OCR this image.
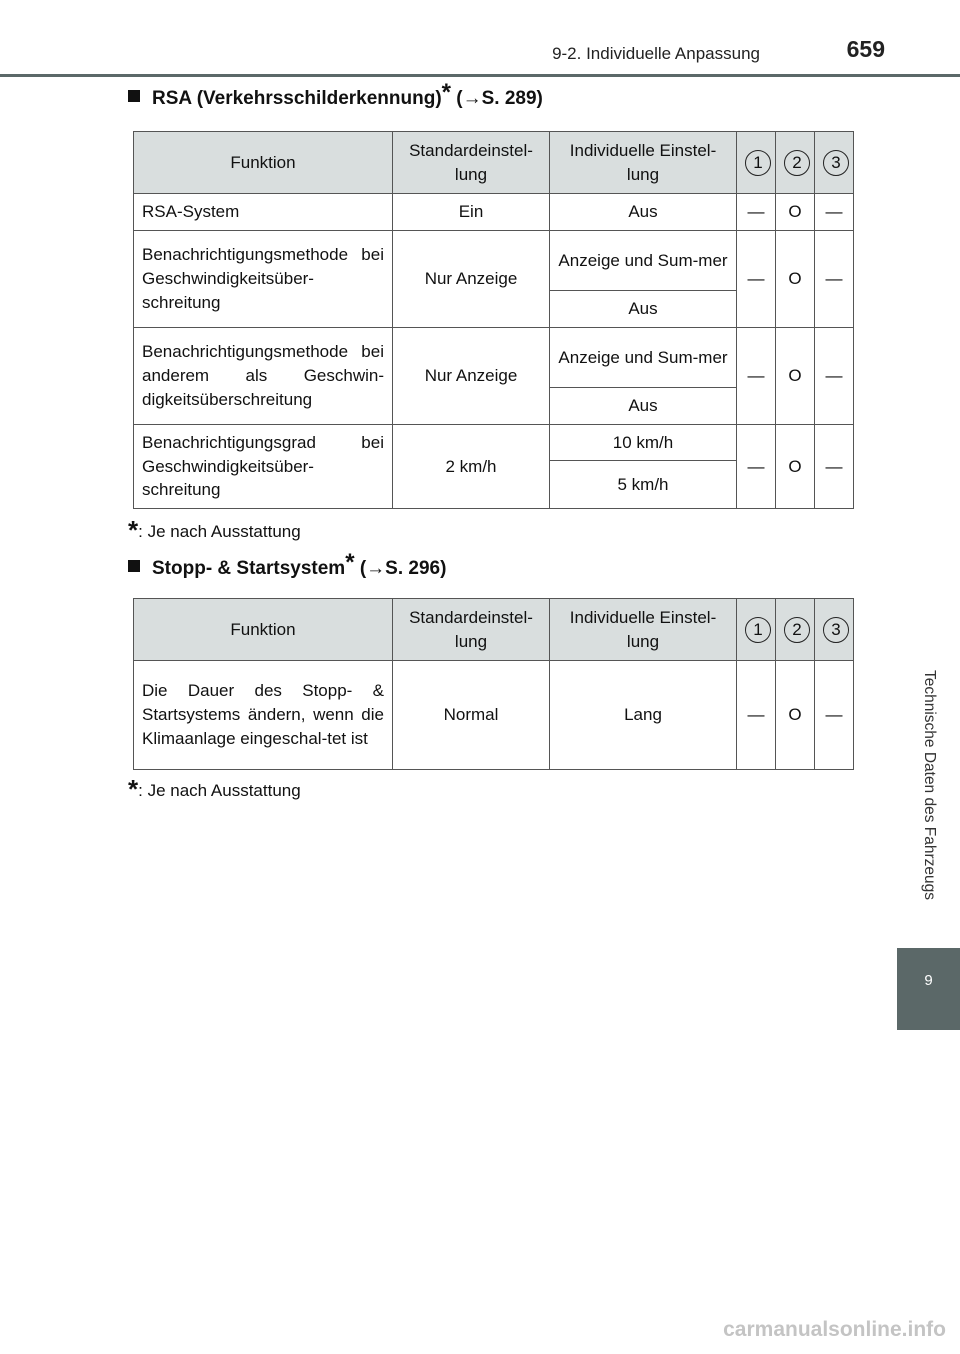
9-2. Individuelle Anpassung	659
Technische Daten des Fahrzeugs
9
RSA (Verkehrsschilderkennung)* (→S. 289)
Funktion	Standardeinstel-lung	Individuelle Einstel-lung	1	2	3
RSA-System	Ein	Aus	—	O	—
Benachrichtigungsmethode bei Geschwindigkeitsüber-schreitung	Nur Anzeige	Anzeige und Sum-mer	—	O	—
		Aus			
Benachrichtigungsmethode bei anderem als Geschwin-digkeitsüberschreitung	Nur Anzeige	Anzeige und Sum-mer	—	O	—
		Aus			
Benachrichtigungsgrad bei Geschwindigkeitsüber-schreitung	2 km/h	10 km/h	—	O	—
		5 km/h			
*: Je nach Ausstattung
Stopp- & Startsystem* (→S. 296)
Funktion	Standardeinstel-lung	Individuelle Einstel-lung	1	2	3
Die Dauer des Stopp- & Startsystems ändern, wenn die Klimaanlage eingeschal-tet ist	Normal	Lang	—	O	—
*: Je nach Ausstattung
carmanualsonline.info
